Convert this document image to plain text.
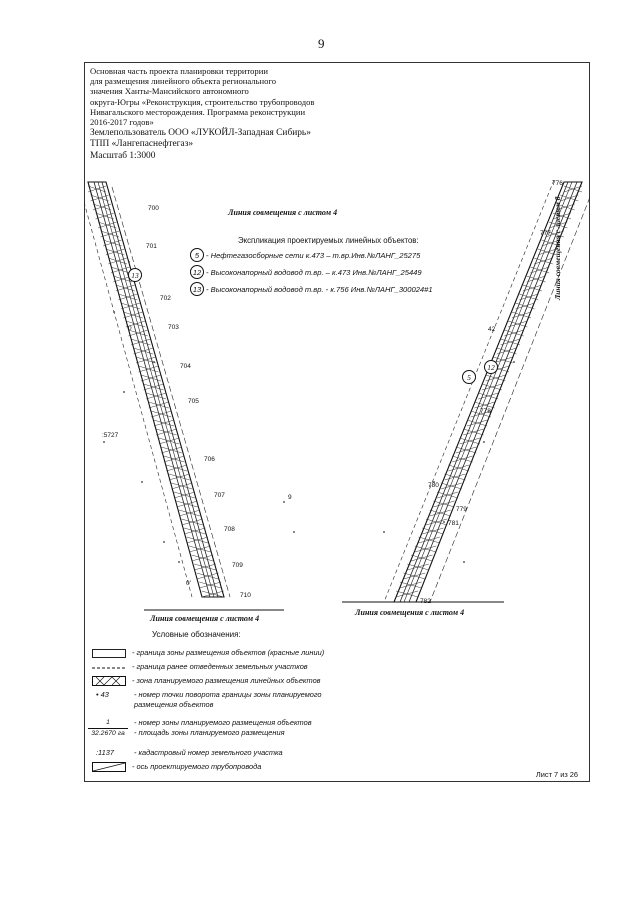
9
Основная часть проекта планировки территории
для размещения линейного объекта регионального
значения Ханты-Мансийского автономного
округа-Югры «Реконструкция, строительство трубопроводов
Нивагальского месторождения. Программа реконструкции
2016-2017 годов»
Землепользователь ООО «ЛУКОЙЛ-Западная Сибирь»
ТПП «Лангепаснефтегаз»
Масштаб 1:3000
Линия совмещения с листом 4	Линия совмещения с листом 8
Линия совмещения с листом 4
Линия совмещения с листом 4
Экспликация проектируемых линейных объектов:
5 - Нефтегазосборные сети к.473 – т.вр.Инв.№ЛАНГ_25275
12 - Высоконапорный водовод т.вр. – к.473 Инв.№ЛАНГ_25449
13 - Высоконапорный водовод т.вр. - к.756 Инв.№ЛАНГ_300024#1
13
5
12
700
701
702
703
704
705
706
707
708
709
710
776
777
778
779
780
781
782
:5727
9
0
0'
42
Условные обозначения:
- граница зоны размещения объектов (красные линии)
- граница ранее отведенных земельных участков
- зона планируемого размещения линейных объектов
• 43	- номер точки поворота границы зоны планируемого
размещения объектов
1
32.2670 га
- номер зоны планируемого размещения объектов
- площадь зоны планируемого размещения
:1137	- кадастровый номер земельного участка
- ось проектируемого трубопровода
Лист 7 из 26
